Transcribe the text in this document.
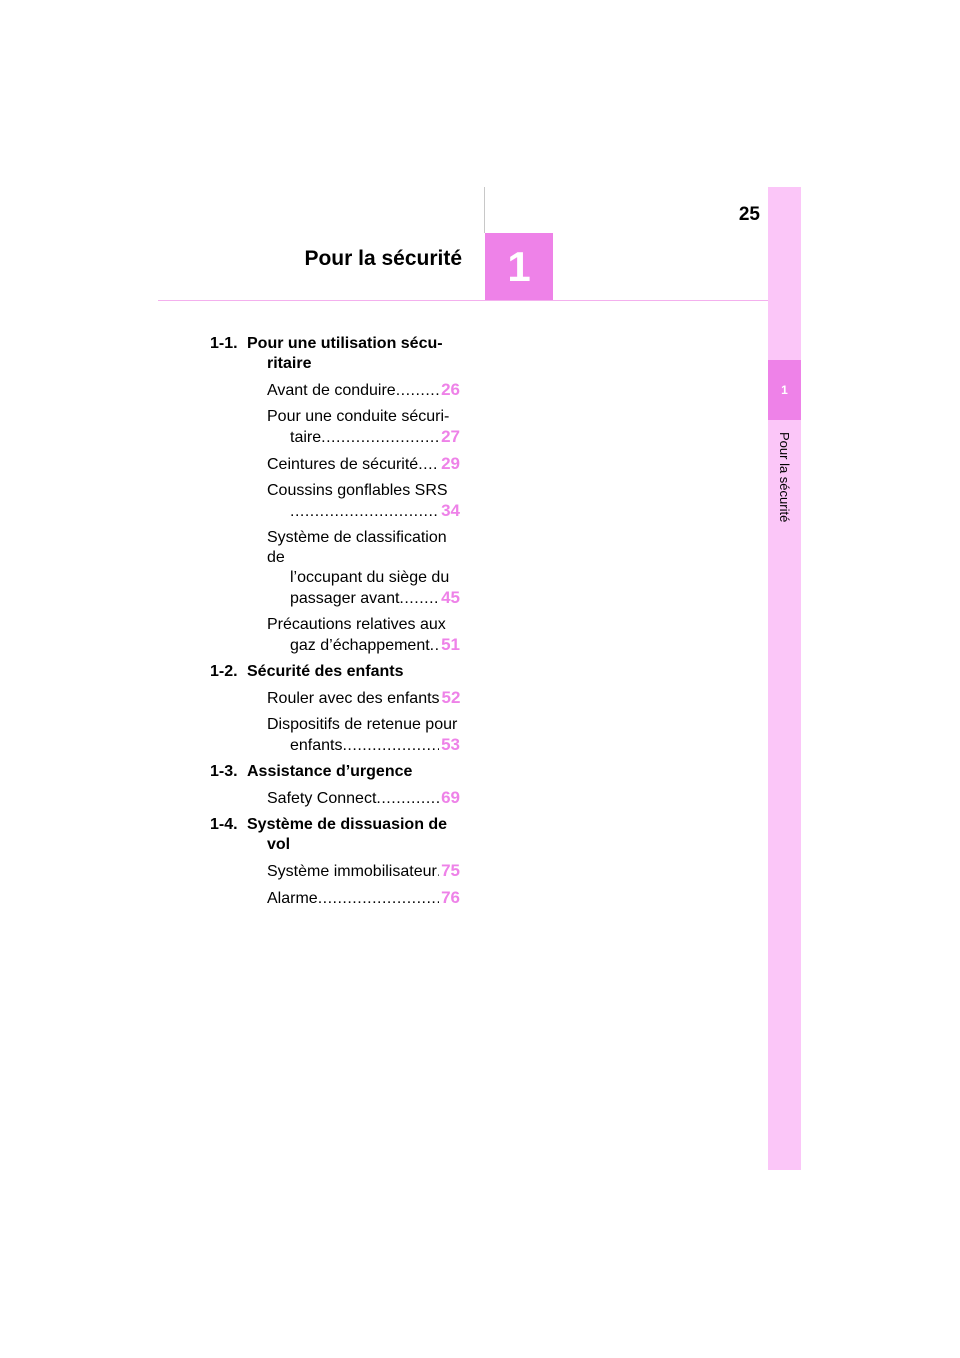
25
Pour la sécurité	1
1
Pour la sécurité
1-1. Pour une utilisation sécu-ritaire
Avant de conduire .....	26
Pour une conduite sécuri-
taire .....	27
Ceintures de sécurité ..... 29
Coussins gonflables SRS
.....
34
Système de classification de
l’occupant du siège du
passager avant ..... 45
Précautions relatives aux
gaz d’échappement ..... 51
1-2. Sécurité des enfants
Rouler avec des enfants 52
Dispositifs de retenue pour
enfants .....	53
1-3. Assistance d’urgence
Safety Connect .....	69
1-4. Système de dissuasion de vol
Système immobilisateur ..... 75
Alarme .....	76
